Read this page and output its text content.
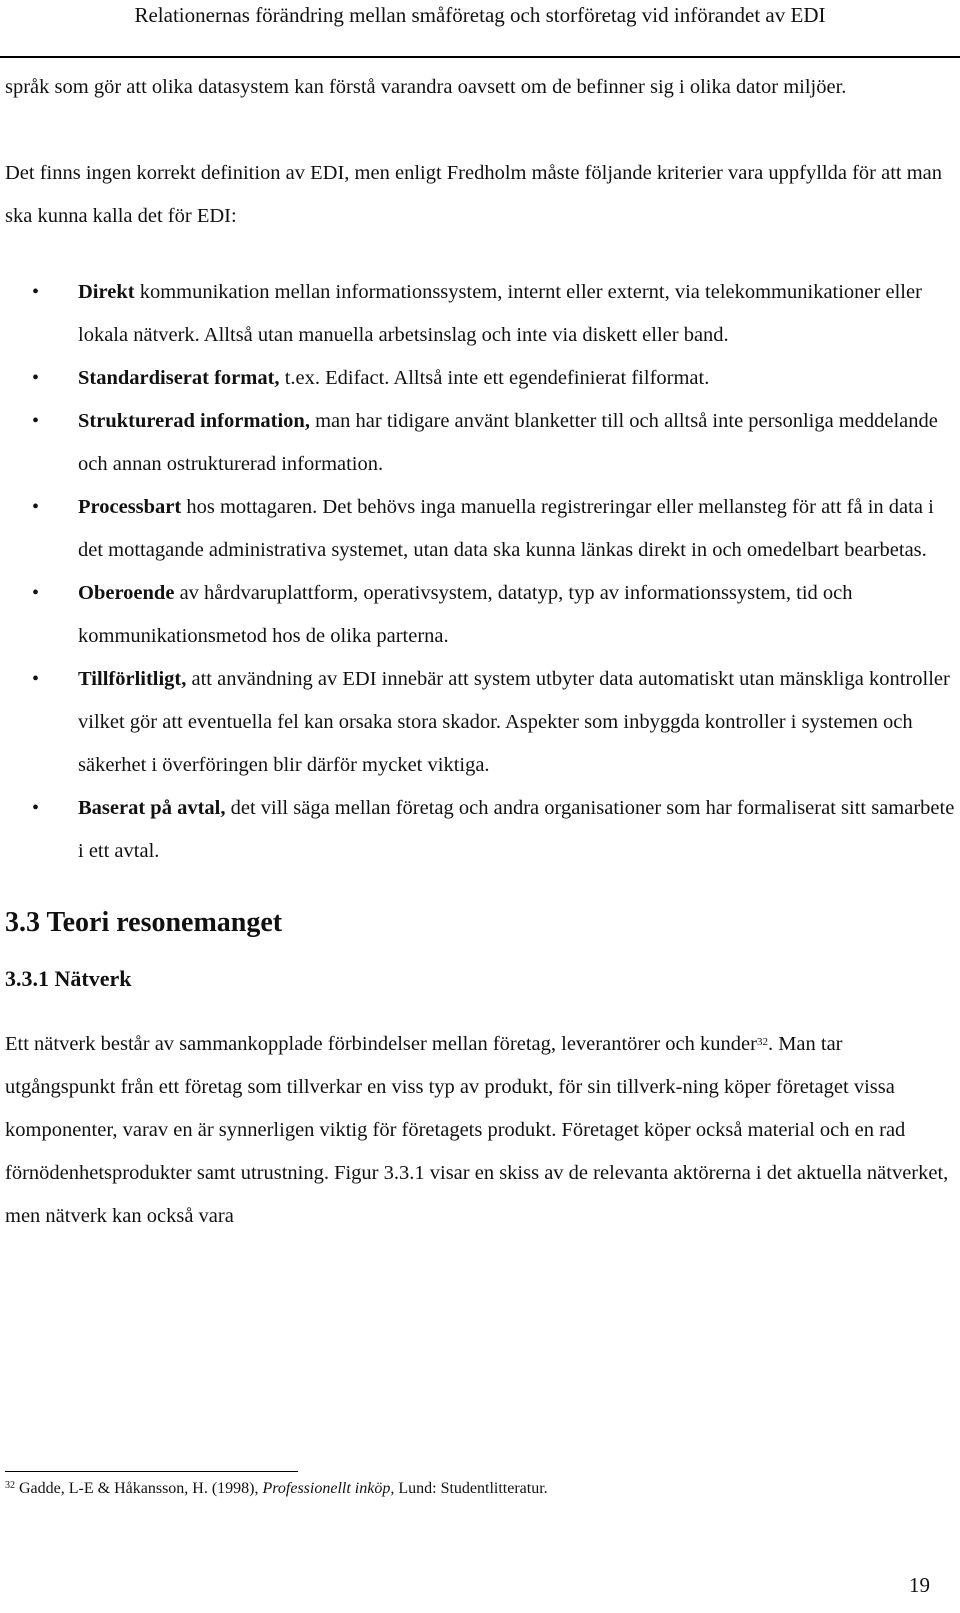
Relationernas förändring mellan småföretag och storföretag vid införandet av EDI

språk som gör att olika datasystem kan förstå varandra oavsett om de befinner sig i olika dator miljöer.

Det finns ingen korrekt definition av EDI, men enligt Fredholm måste följande kriterier vara uppfyllda för att man ska kunna kalla det för EDI:

• Direkt kommunikation mellan informationssystem, internt eller externt, via telekommunikationer eller lokala nätverk. Alltså utan manuella arbetsinslag och inte via diskett eller band.
• Standardiserat format, t.ex. Edifact. Alltså inte ett egendefinierat filformat.
• Strukturerad information, man har tidigare använt blanketter till och alltså inte personliga meddelande och annan ostrukturerad information.
• Processbart hos mottagaren. Det behövs inga manuella registreringar eller mellansteg för att få in data i det mottagande administrativa systemet, utan data ska kunna länkas direkt in och omedelbart bearbetas.
• Oberoende av hårdvaruplattform, operativsystem, datatyp, typ av informationssystem, tid och kommunikationsmetod hos de olika parterna.
• Tillförlitligt, att användning av EDI innebär att system utbyter data automatiskt utan mänskliga kontroller vilket gör att eventuella fel kan orsaka stora skador. Aspekter som inbyggda kontroller i systemen och säkerhet i överföringen blir därför mycket viktiga.
• Baserat på avtal, det vill säga mellan företag och andra organisationer som har formaliserat sitt samarbete i ett avtal.
3.3 Teori resonemanget
3.3.1 Nätverk

Ett nätverk består av sammankopplade förbindelser mellan företag, leverantörer och kunder$^{32}$. Man tar utgångspunkt från ett företag som tillverkar en viss typ av produkt, för sin tillverk-ning köper företaget vissa komponenter, varav en är synnerligen viktig för företagets produkt. Företaget köper också material och en rad förnödenhetsprodukter samt utrustning. Figur 3.3.1 visar en skiss av de relevanta aktörerna i det aktuella nätverket, men nätverk kan också vara

$^{32}$ Gadde, L-E & Håkansson, H. (1998), Professionellt inköp, Lund: Studentlitteratur.
19
